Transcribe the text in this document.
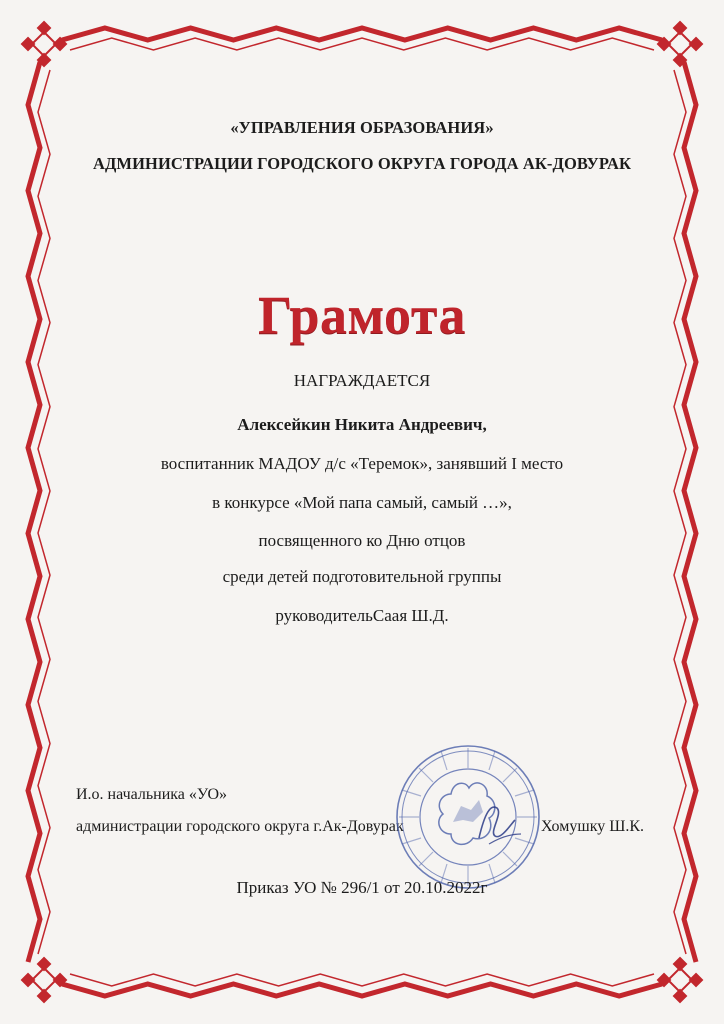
«УПРАВЛЕНИЯ ОБРАЗОВАНИЯ»
АДМИНИСТРАЦИИ ГОРОДСКОГО ОКРУГА ГОРОДА АК-ДОВУРАК
Грамота
НАГРАЖДАЕТСЯ
Алексейкин Никита Андреевич,
воспитанник МАДОУ д/с «Теремок», занявший I место
в конкурсе «Мой папа самый, самый …»,
посвященного ко Дню отцов
среди детей подготовительной группы
руководительСаая Ш.Д.
И.о. начальника «УО»
администрации городского округа г.Ак-Довурак	Хомушку Ш.К.
Приказ УО № 296/1 от 20.10.2022г
